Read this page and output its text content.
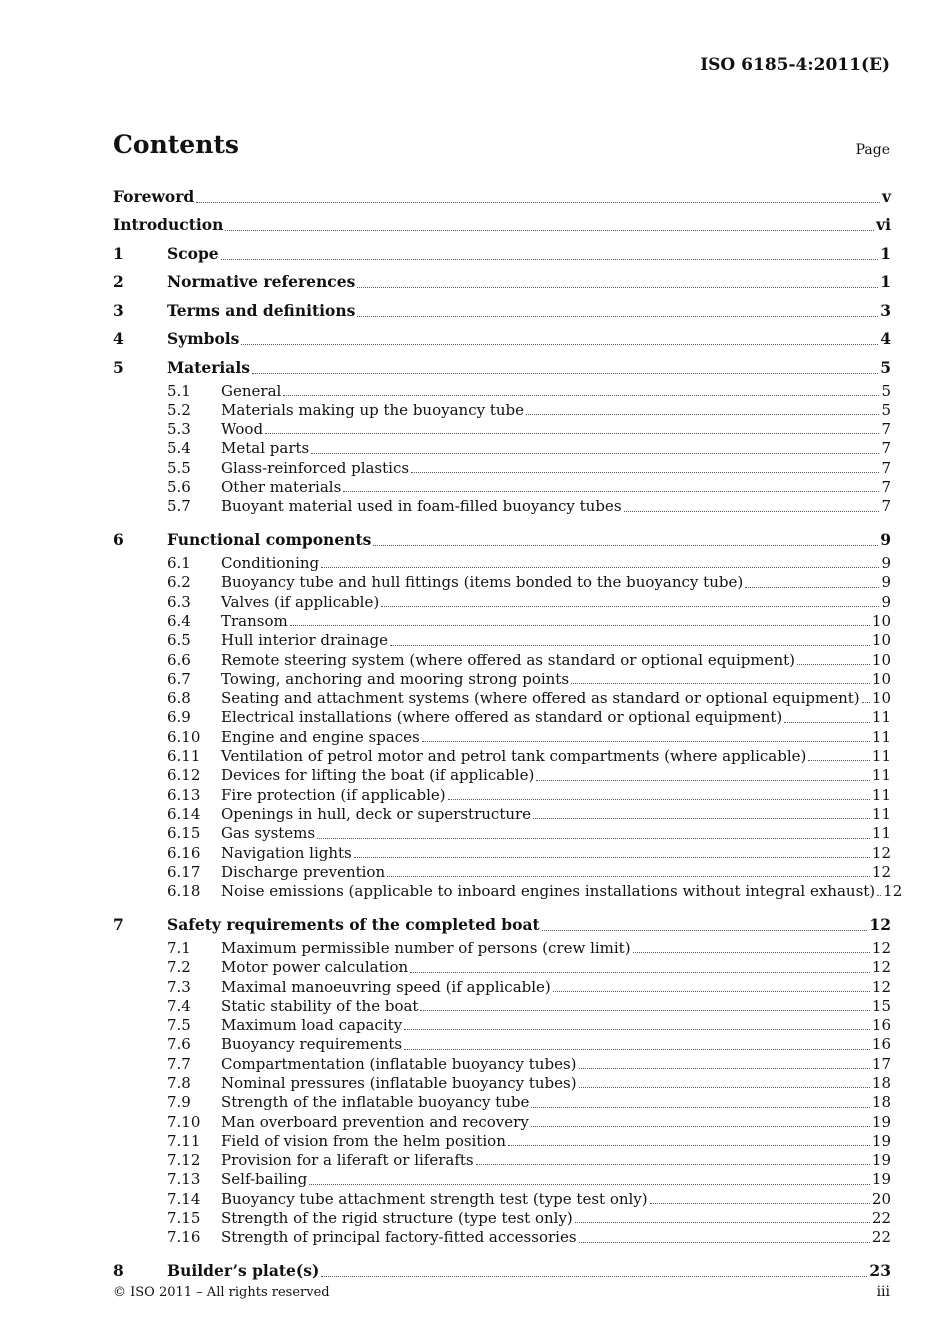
ISO 6185-4:2011(E)
Contents	Page
Foreword	v
Introduction	vi
1	Scope	1
2	Normative references	1
3	Terms and definitions	3
4	Symbols	4
5	Materials	5
5.1	General	5
5.2	Materials making up the buoyancy tube	5
5.3	Wood	7
5.4	Metal parts	7
5.5	Glass-reinforced plastics	7
5.6	Other materials	7
5.7	Buoyant material used in foam-filled buoyancy tubes	7
6	Functional components	9
6.1	Conditioning	9
6.2	Buoyancy tube and hull fittings (items bonded to the buoyancy tube)	9
6.3	Valves (if applicable)	9
6.4	Transom	10
6.5	Hull interior drainage	10
6.6	Remote steering system (where offered as standard or optional equipment)	10
6.7	Towing, anchoring and mooring strong points	10
6.8	Seating and attachment systems (where offered as standard or optional equipment) 10
6.9	Electrical installations (where offered as standard or optional equipment)	11
6.10	Engine and engine spaces	11
6.11	Ventilation of petrol motor and petrol tank compartments (where applicable)	11
6.12	Devices for lifting the boat (if applicable)	11
6.13	Fire protection (if applicable)	11
6.14	Openings in hull, deck or superstructure	11
6.15	Gas systems	11
6.16	Navigation lights	12
6.17	Discharge prevention	12
6.18	Noise emissions (applicable to inboard engines installations without integral exhaust) 12
7	Safety requirements of the completed boat	12
7.1	Maximum permissible number of persons (crew limit)	12
7.2	Motor power calculation	12
7.3	Maximal manoeuvring speed (if applicable)	12
7.4	Static stability of the boat	15
7.5	Maximum load capacity	16
7.6	Buoyancy requirements	16
7.7	Compartmentation (inflatable buoyancy tubes)	17
7.8	Nominal pressures (inflatable buoyancy tubes)	18
7.9	Strength of the inflatable buoyancy tube	18
7.10	Man overboard prevention and recovery	19
7.11	Field of vision from the helm position	19
7.12	Provision for a liferaft or liferafts	19
7.13	Self-bailing	19
7.14	Buoyancy tube attachment strength test (type test only)	20
7.15	Strength of the rigid structure (type test only)	22
7.16	Strength of principal factory-fitted accessories	22
8	Builder’s plate(s)	23
© ISO 2011 – All rights reserved	iii
